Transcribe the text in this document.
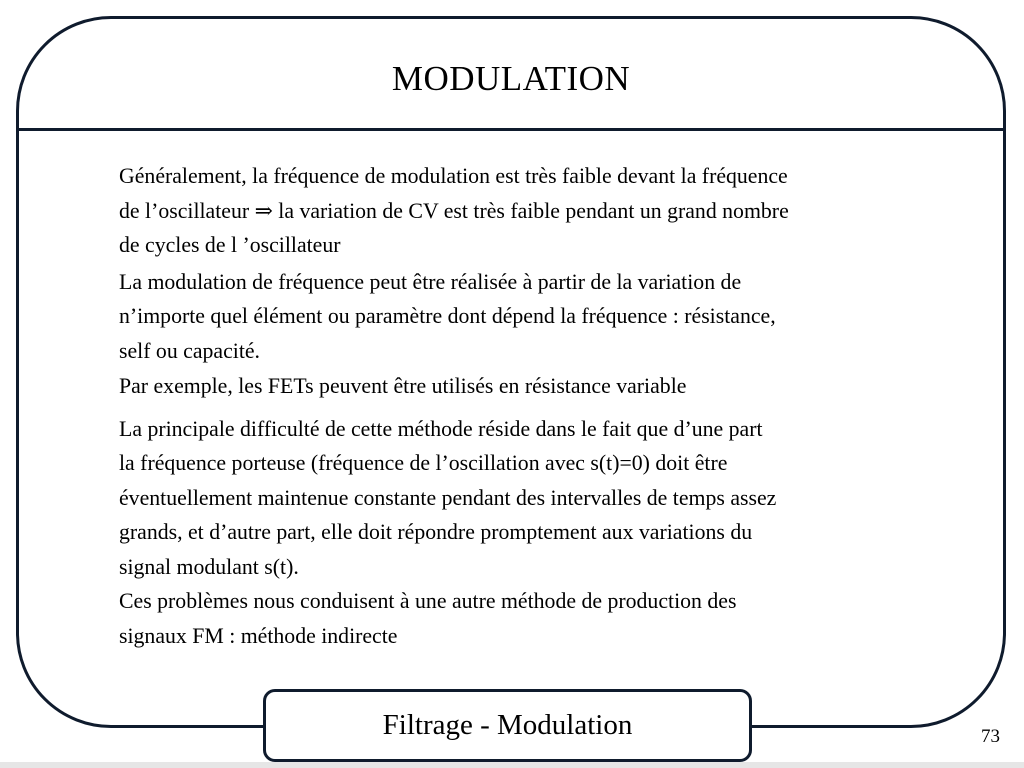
MODULATION
Généralement, la fréquence de modulation est très faible devant la fréquence
de l’oscillateur ⇒ la variation de CV est très faible pendant un grand nombre
de cycles de l ’oscillateur
La modulation de fréquence peut être réalisée à partir de la variation de
n’importe quel élément ou paramètre dont dépend la fréquence : résistance,
self ou capacité.
Par exemple, les FETs peuvent être utilisés en résistance variable
La principale difficulté de cette méthode réside dans le fait que d’une part
la fréquence porteuse (fréquence de l’oscillation avec s(t)=0) doit être
éventuellement maintenue constante pendant des intervalles de temps assez
grands, et d’autre part, elle doit répondre promptement aux variations du
signal modulant s(t).
Ces problèmes nous conduisent à une autre méthode de production des
signaux FM : méthode indirecte
Filtrage - Modulation	73
